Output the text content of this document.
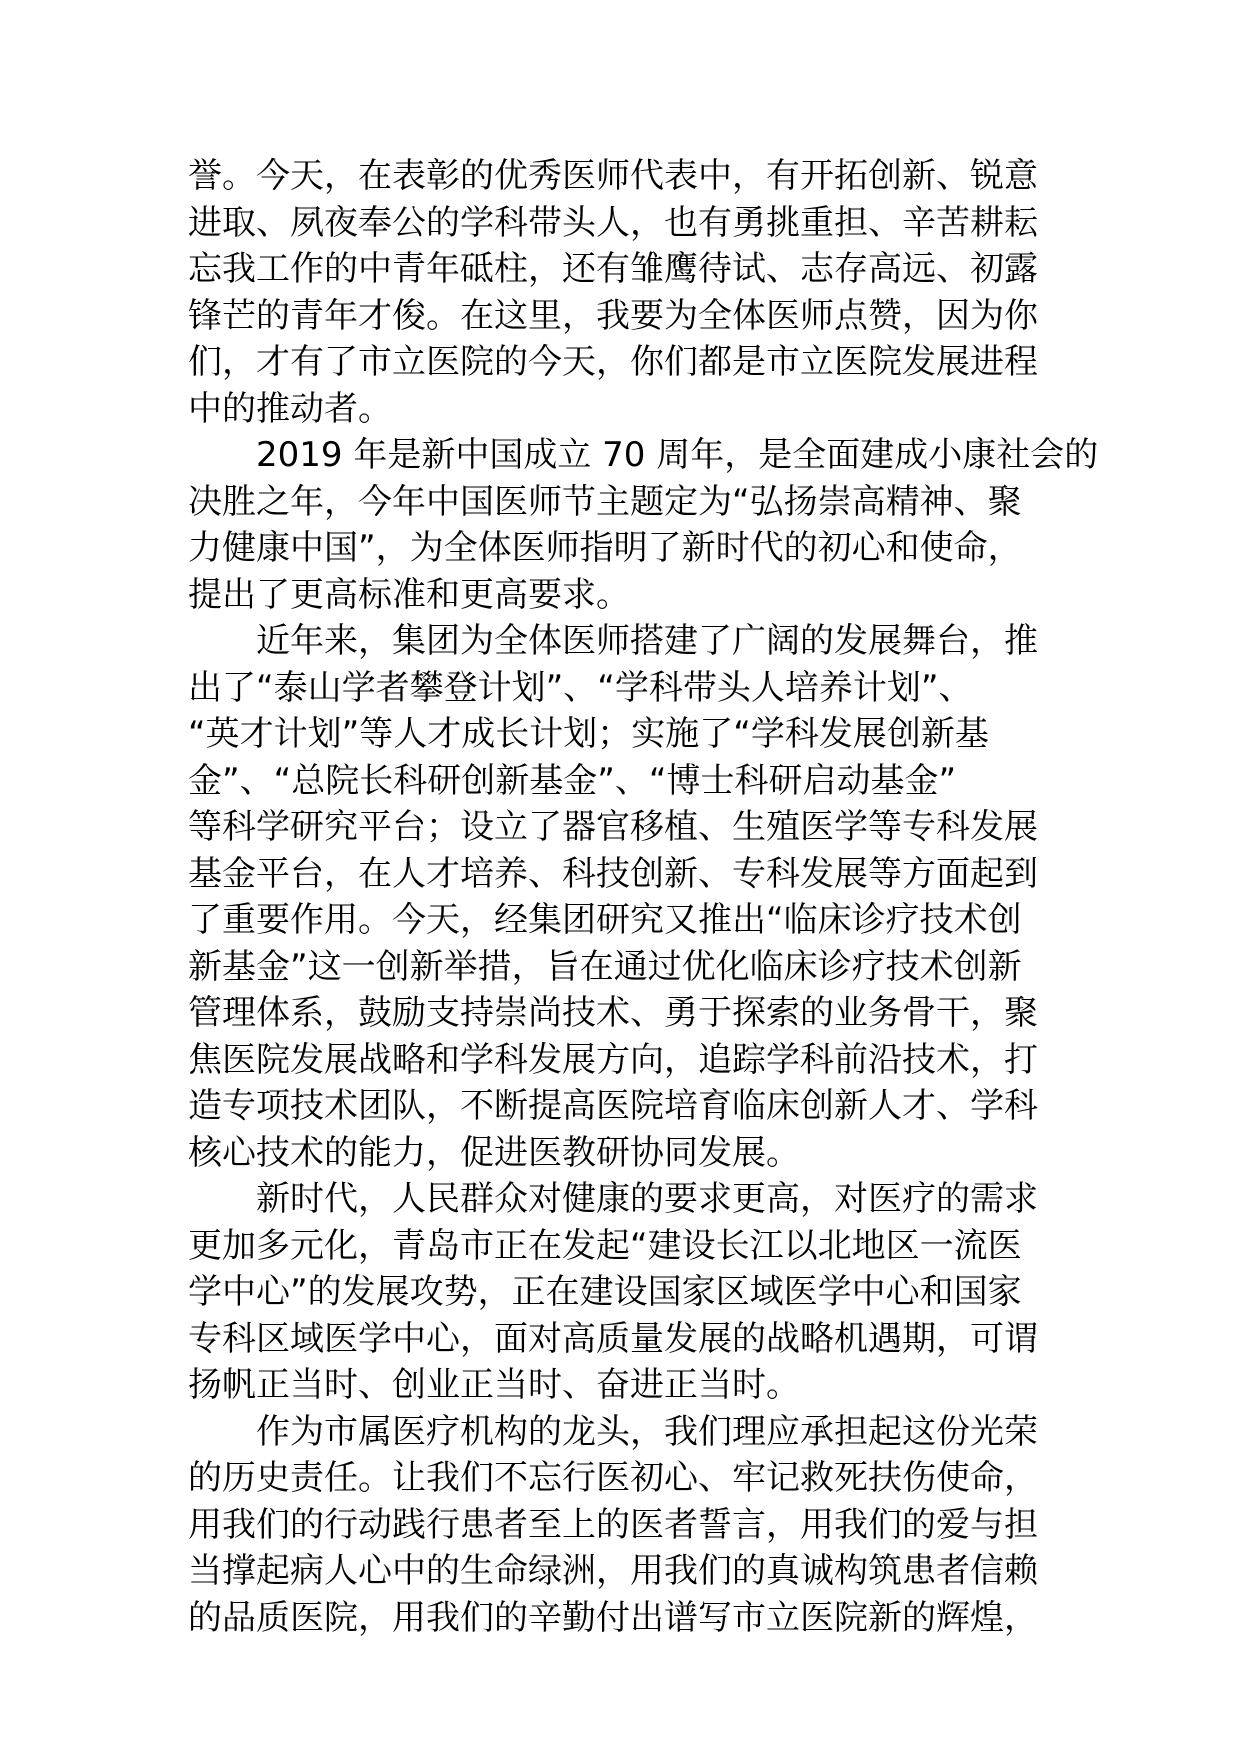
誉。今天，在表彰的优秀医师代表中，有开拓创新、锐意
进取、夙夜奉公的学科带头人，也有勇挑重担、辛苦耕耘
忘我工作的中青年砥柱，还有雏鹰待试、志存高远、初露
锋芒的青年才俊。在这里，我要为全体医师点赞，因为你
们，才有了市立医院的今天，你们都是市立医院发展进程
中的推动者。
2019 年是新中国成立 70 周年，是全面建成小康社会的
决胜之年，今年中国医师节主题定为“弘扬崇高精神、聚
力健康中国”，为全体医师指明了新时代的初心和使命，
提出了更高标准和更高要求。
近年来，集团为全体医师搭建了广阔的发展舞台，推
出了“泰山学者攀登计划”、“学科带头人培养计划”、
“英才计划”等人才成长计划；实施了“学科发展创新基
金”、“总院长科研创新基金”、“博士科研启动基金”
等科学研究平台；设立了器官移植、生殖医学等专科发展
基金平台，在人才培养、科技创新、专科发展等方面起到
了重要作用。今天，经集团研究又推出“临床诊疗技术创
新基金”这一创新举措，旨在通过优化临床诊疗技术创新
管理体系，鼓励支持崇尚技术、勇于探索的业务骨干，聚
焦医院发展战略和学科发展方向，追踪学科前沿技术，打
造专项技术团队，不断提高医院培育临床创新人才、学科
核心技术的能力，促进医教研协同发展。
新时代，人民群众对健康的要求更高，对医疗的需求
更加多元化，青岛市正在发起“建设长江以北地区一流医
学中心”的发展攻势，正在建设国家区域医学中心和国家
专科区域医学中心，面对高质量发展的战略机遇期，可谓
扬帆正当时、创业正当时、奋进正当时。
作为市属医疗机构的龙头，我们理应承担起这份光荣
的历史责任。让我们不忘行医初心、牢记救死扶伤使命，
用我们的行动践行患者至上的医者誓言，用我们的爱与担
当撑起病人心中的生命绿洲，用我们的真诚构筑患者信赖
的品质医院，用我们的辛勤付出谱写市立医院新的辉煌，
